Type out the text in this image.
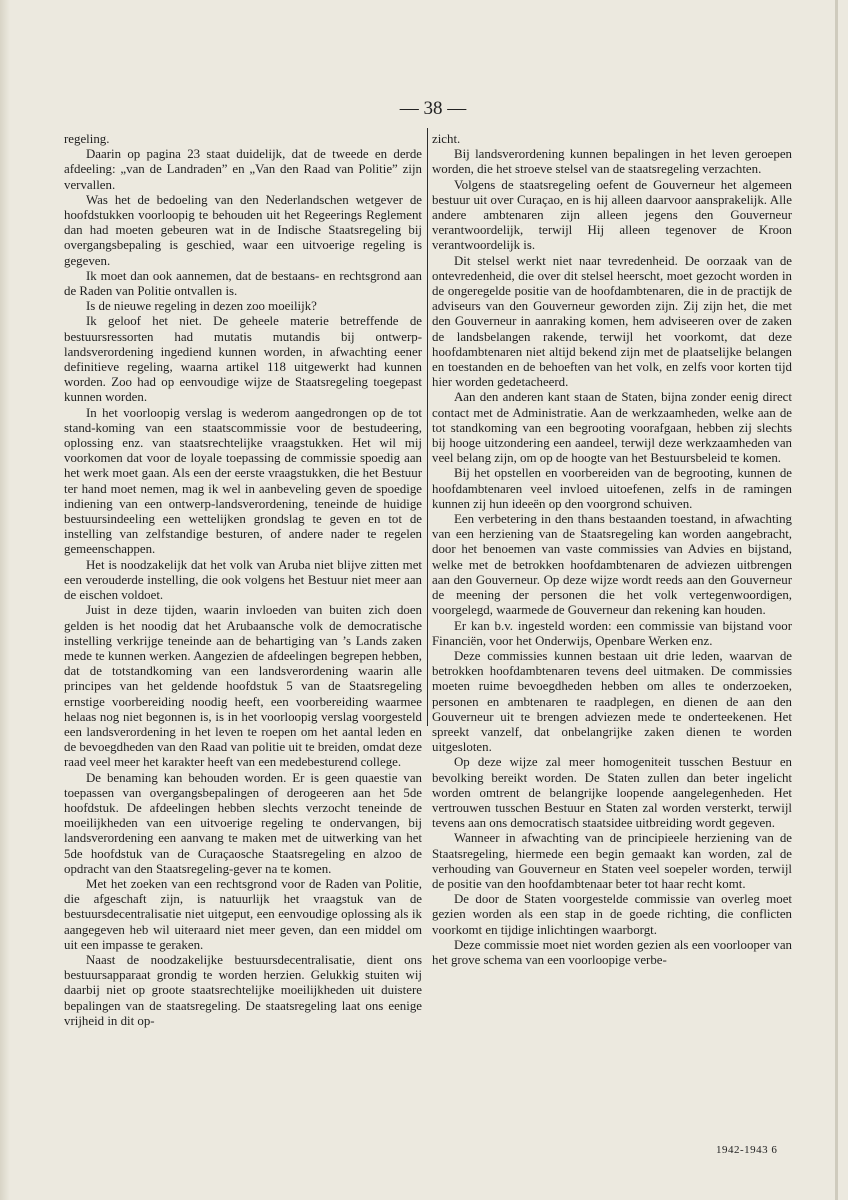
— 38 —

regeling.

Daarin op pagina 23 staat duidelijk, dat de tweede en derde afdeeling: „van de Landraden” en „Van den Raad van Politie” zijn vervallen.

Was het de bedoeling van den Nederlandschen wetgever de hoofdstukken voorloopig te behouden uit het Regeerings Reglement dan had moeten gebeuren wat in de Indische Staatsregeling bij overgangsbepaling is geschied, waar een uitvoerige regeling is gegeven.

Ik moet dan ook aannemen, dat de bestaans- en rechtsgrond aan de Raden van Politie ontvallen is.

Is de nieuwe regeling in dezen zoo moeilijk?

Ik geloof het niet. De geheele materie betreffende de bestuursressorten had mutatis mutandis bij ontwerp-landsverordening ingediend kunnen worden, in afwachting eener definitieve regeling, waarna artikel 118 uitgewerkt had kunnen worden. Zoo had op eenvoudige wijze de Staatsregeling toegepast kunnen worden.

In het voorloopig verslag is wederom aangedrongen op de tot stand-koming van een staatscommissie voor de bestudeering, oplossing enz. van staatsrechtelijke vraagstukken. Het wil mij voorkomen dat voor de loyale toepassing de commissie spoedig aan het werk moet gaan. Als een der eerste vraagstukken, die het Bestuur ter hand moet nemen, mag ik wel in aanbeveling geven de spoedige indiening van een ontwerp-landsverordening, teneinde de huidige bestuursindeeling een wettelijken grondslag te geven en tot de instelling van zelfstandige besturen, of andere nader te regelen gemeenschappen.

Het is noodzakelijk dat het volk van Aruba niet blijve zitten met een verouderde instelling, die ook volgens het Bestuur niet meer aan de eischen voldoet.

Juist in deze tijden, waarin invloeden van buiten zich doen gelden is het noodig dat het Arubaansche volk de democratische instelling verkrijge teneinde aan de behartiging van ’s Lands zaken mede te kunnen werken. Aangezien de afdeelingen begrepen hebben, dat de totstandkoming van een landsverordening waarin alle principes van het geldende hoofdstuk 5 van de Staatsregeling ernstige voorbereiding noodig heeft, een voorbereiding waarmee helaas nog niet begonnen is, is in het voorloopig verslag voorgesteld een landsverordening in het leven te roepen om het aantal leden en de bevoegdheden van den Raad van politie uit te breiden, omdat deze raad veel meer het karakter heeft van een medebesturend college.

De benaming kan behouden worden. Er is geen quaestie van toepassen van overgangsbepalingen of derogeeren aan het 5de hoofdstuk. De afdeelingen hebben slechts verzocht teneinde de moeilijkheden van een uitvoerige regeling te ondervangen, bij landsverordening een aanvang te maken met de uitwerking van het 5de hoofdstuk van de Curaçaosche Staatsregeling en alzoo de opdracht van den Staatsregeling-gever na te komen.

Met het zoeken van een rechtsgrond voor de Raden van Politie, die afgeschaft zijn, is natuurlijk het vraagstuk van de bestuursdecentralisatie niet uitgeput, een eenvoudige oplossing als ik aangegeven heb wil uiteraard niet meer geven, dan een middel om uit een impasse te geraken.

Naast de noodzakelijke bestuursdecentralisatie, dient ons bestuursapparaat grondig te worden herzien. Gelukkig stuiten wij daarbij niet op groote staatsrechtelijke moeilijkheden uit duistere bepalingen van de staatsregeling. De staatsregeling laat ons eenige vrijheid in dit op-

zicht.

Bij landsverordening kunnen bepalingen in het leven geroepen worden, die het stroeve stelsel van de staatsregeling verzachten.

Volgens de staatsregeling oefent de Gouverneur het algemeen bestuur uit over Curaçao, en is hij alleen daarvoor aansprakelijk. Alle andere ambtenaren zijn alleen jegens den Gouverneur verantwoordelijk, terwijl Hij alleen tegenover de Kroon verantwoordelijk is.

Dit stelsel werkt niet naar tevredenheid. De oorzaak van de ontevredenheid, die over dit stelsel heerscht, moet gezocht worden in de ongeregelde positie van de hoofdambtenaren, die in de practijk de adviseurs van den Gouverneur geworden zijn. Zij zijn het, die met den Gouverneur in aanraking komen, hem adviseeren over de zaken de landsbelangen rakende, terwijl het voorkomt, dat deze hoofdambtenaren niet altijd bekend zijn met de plaatselijke belangen en toestanden en de behoeften van het volk, en zelfs voor korten tijd hier worden gedetacheerd.

Aan den anderen kant staan de Staten, bijna zonder eenig direct contact met de Administratie. Aan de werkzaamheden, welke aan de tot standkoming van een begrooting voorafgaan, hebben zij slechts bij hooge uitzondering een aandeel, terwijl deze werkzaamheden van veel belang zijn, om op de hoogte van het Bestuursbeleid te komen.

Bij het opstellen en voorbereiden van de begrooting, kunnen de hoofdambtenaren veel invloed uitoefenen, zelfs in de ramingen kunnen zij hun ideeën op den voorgrond schuiven.

Een verbetering in den thans bestaanden toestand, in afwachting van een herziening van de Staatsregeling kan worden aangebracht, door het benoemen van vaste commissies van Advies en bijstand, welke met de betrokken hoofdambtenaren de adviezen uitbrengen aan den Gouverneur. Op deze wijze wordt reeds aan den Gouverneur de meening der personen die het volk vertegenwoordigen, voorgelegd, waarmede de Gouverneur dan rekening kan houden.

Er kan b.v. ingesteld worden: een commissie van bijstand voor Financiën, voor het Onderwijs, Openbare Werken enz.

Deze commissies kunnen bestaan uit drie leden, waarvan de betrokken hoofdambtenaren tevens deel uitmaken. De commissies moeten ruime bevoegdheden hebben om alles te onderzoeken, personen en ambtenaren te raadplegen, en dienen de aan den Gouverneur uit te brengen adviezen mede te onderteekenen. Het spreekt vanzelf, dat onbelangrijke zaken dienen te worden uitgesloten.

Op deze wijze zal meer homogeniteit tusschen Bestuur en bevolking bereikt worden. De Staten zullen dan beter ingelicht worden omtrent de belangrijke loopende aangelegenheden. Het vertrouwen tusschen Bestuur en Staten zal worden versterkt, terwijl tevens aan ons democratisch staatsidee uitbreiding wordt gegeven.

Wanneer in afwachting van de principieele herziening van de Staatsregeling, hiermede een begin gemaakt kan worden, zal de verhouding van Gouverneur en Staten veel soepeler worden, terwijl de positie van den hoofdambtenaar beter tot haar recht komt.

De door de Staten voorgestelde commissie van overleg moet gezien worden als een stap in de goede richting, die conflicten voorkomt en tijdige inlichtingen waarborgt.

Deze commissie moet niet worden gezien als een voorlooper van het grove schema van een voorloopige verbe-

1942-1943 6
